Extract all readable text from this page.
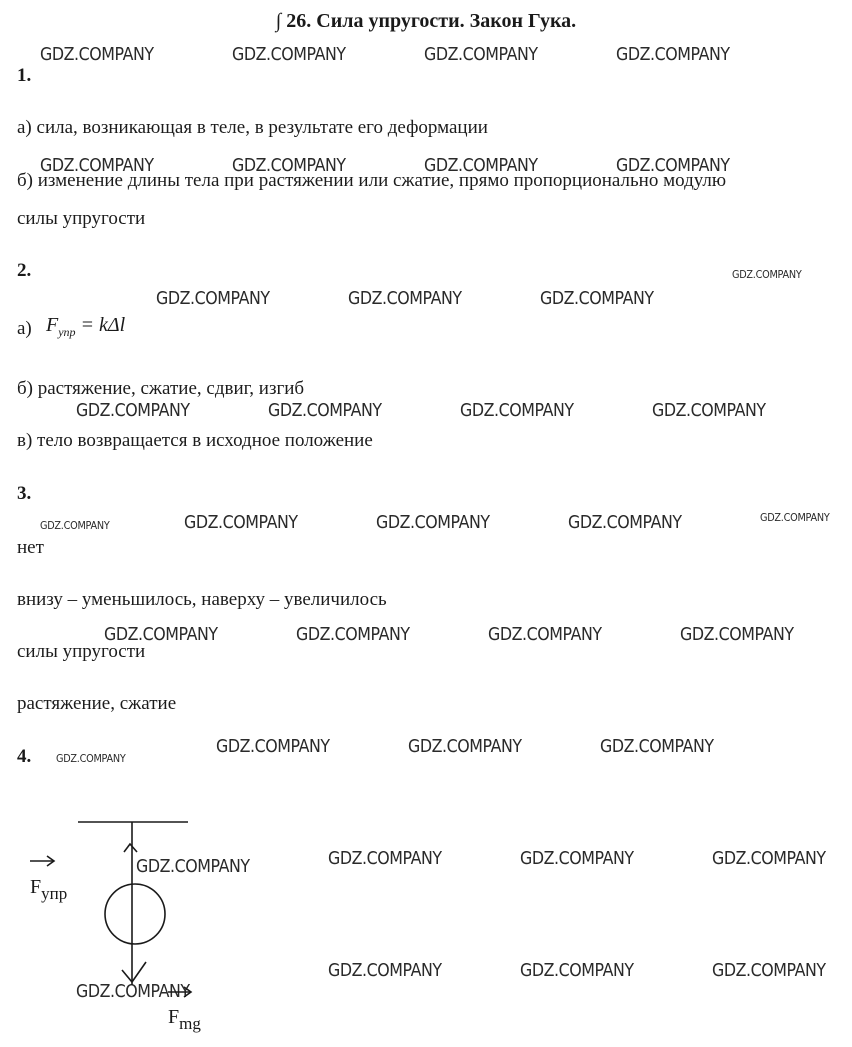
∫ 26. Сила упругости. Закон Гука.
GDZ.COMPANY	GDZ.COMPANY	GDZ.COMPANY	GDZ.COMPANY
GDZ.COMPANY	GDZ.COMPANY	GDZ.COMPANY	GDZ.COMPANY
GDZ.COMPANY
GDZ.COMPANY	GDZ.COMPANY	GDZ.COMPANY
GDZ.COMPANY	GDZ.COMPANY	GDZ.COMPANY	GDZ.COMPANY
GDZ.COMPANY	GDZ.COMPANY	GDZ.COMPANY	GDZ.COMPANY	GDZ.COMPANY
GDZ.COMPANY	GDZ.COMPANY	GDZ.COMPANY	GDZ.COMPANY
GDZ.COMPANY
GDZ.COMPANY	GDZ.COMPANY	GDZ.COMPANY
GDZ.COMPANY	GDZ.COMPANY	GDZ.COMPANY	GDZ.COMPANY
GDZ.COMPANY	GDZ.COMPANY	GDZ.COMPANY
GDZ.COMPANY
1.
а) сила, возникающая в теле, в результате его деформации
б) изменение длины тела при растяжении или сжатие, прямо пропорционально модулю
силы упругости
2.
а) $F_{упр} = k\Delta l$
б) растяжение, сжатие, сдвиг, изгиб
в) тело возвращается в исходное положение
3.
нет
внизу – уменьшилось, наверху – увеличилось
силы упругости
растяжение, сжатие
4.
$F_{упр}$
$F_{mg}$
